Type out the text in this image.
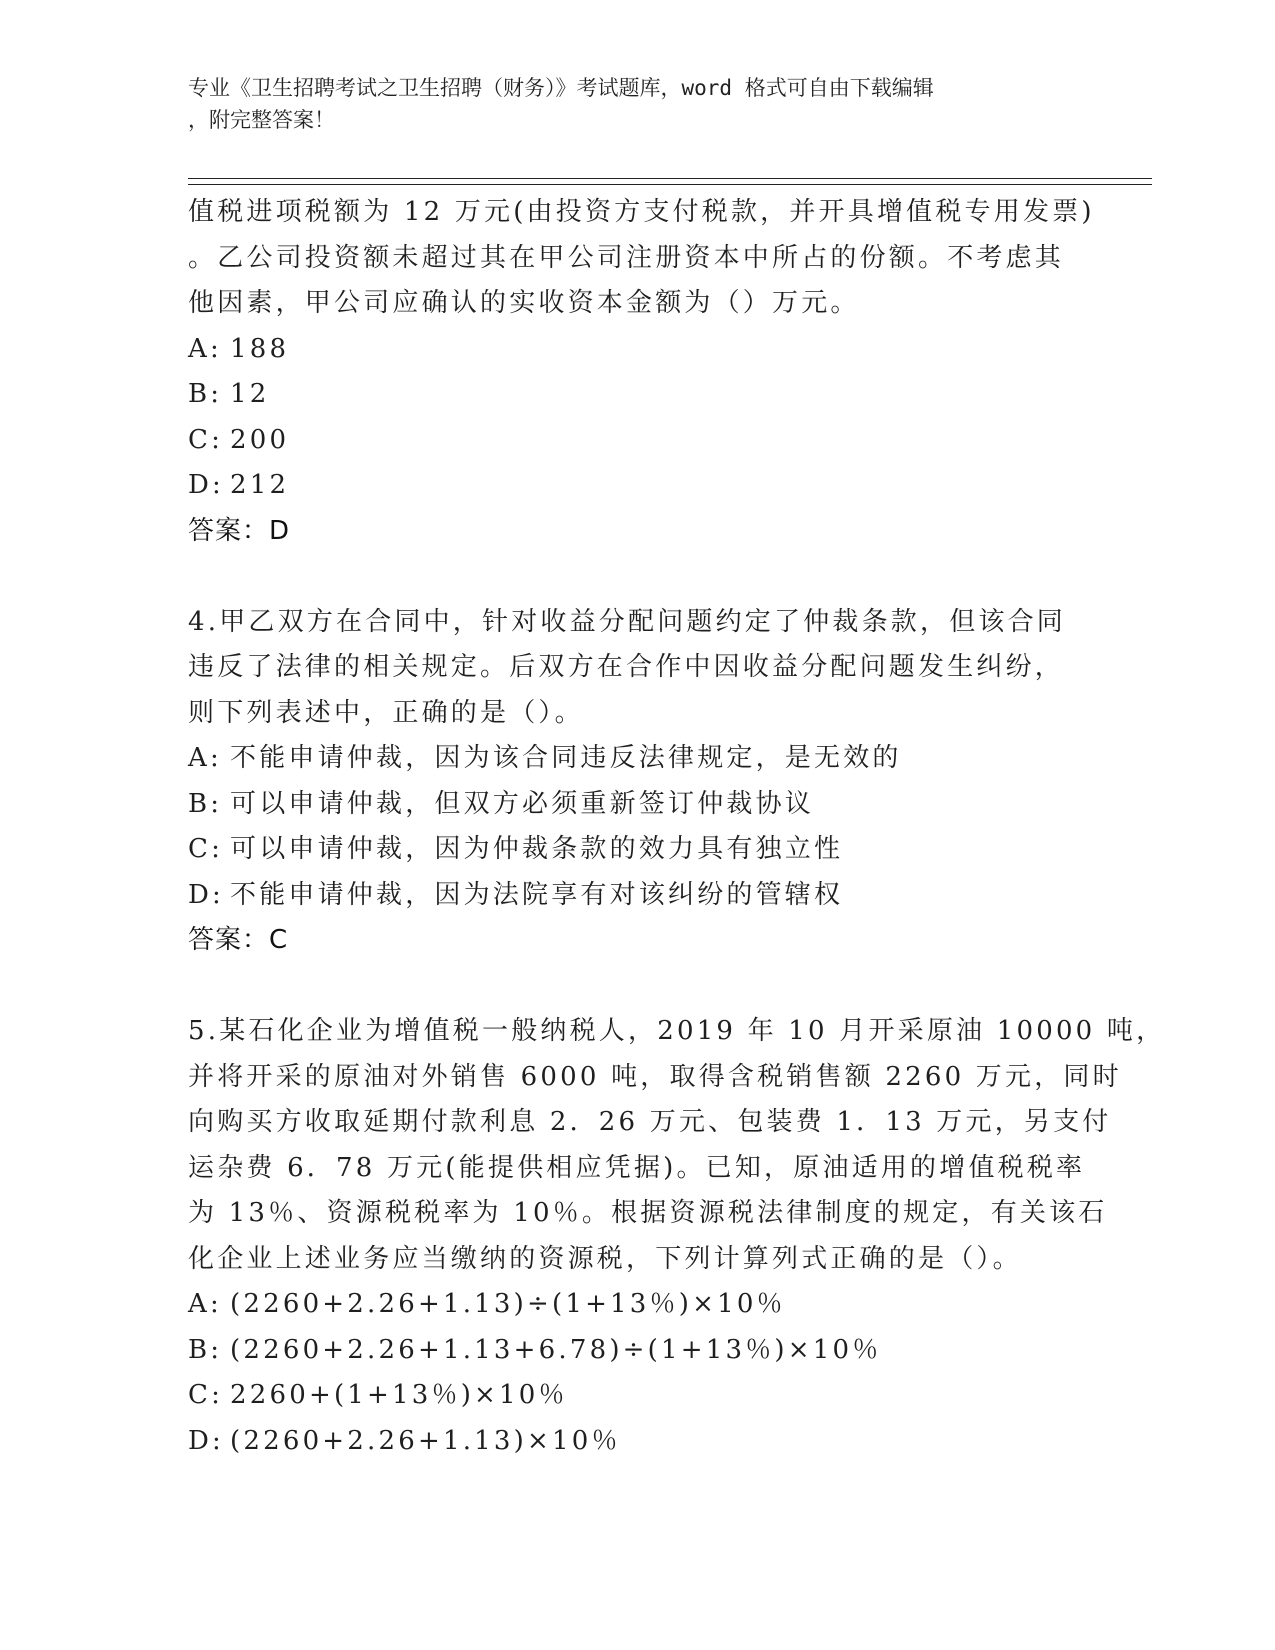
专业《卫生招聘考试之卫生招聘（财务）》考试题库，word 格式可自由下载编辑
，附完整答案！
值税进项税额为 12 万元(由投资方支付税款，并开具增值税专用发票)
。乙公司投资额未超过其在甲公司注册资本中所占的份额。不考虑其
他因素，甲公司应确认的实收资本金额为（）万元。
A: 188
B: 12
C: 200
D: 212
答案：D
4.甲乙双方在合同中，针对收益分配问题约定了仲裁条款，但该合同
违反了法律的相关规定。后双方在合作中因收益分配问题发生纠纷，
则下列表述中，正确的是（）。
A: 不能申请仲裁，因为该合同违反法律规定，是无效的
B: 可以申请仲裁，但双方必须重新签订仲裁协议
C: 可以申请仲裁，因为仲裁条款的效力具有独立性
D: 不能申请仲裁，因为法院享有对该纠纷的管辖权
答案：C
5.某石化企业为增值税一般纳税人，2019 年 10 月开采原油 10000 吨，
并将开采的原油对外销售 6000 吨，取得含税销售额 2260 万元，同时
向购买方收取延期付款利息 2．26 万元、包装费 1．13 万元，另支付
运杂费 6．78 万元(能提供相应凭据)。已知，原油适用的增值税税率
为 13％、资源税税率为 10％。根据资源税法律制度的规定，有关该石
化企业上述业务应当缴纳的资源税，下列计算列式正确的是（）。
A: (2260+2.26+1.13)÷(1+13％)×10％
B: (2260+2.26+1.13+6.78)÷(1+13％)×10％
C: 2260+(1+13％)×10％
D: (2260+2.26+1.13)×10％
